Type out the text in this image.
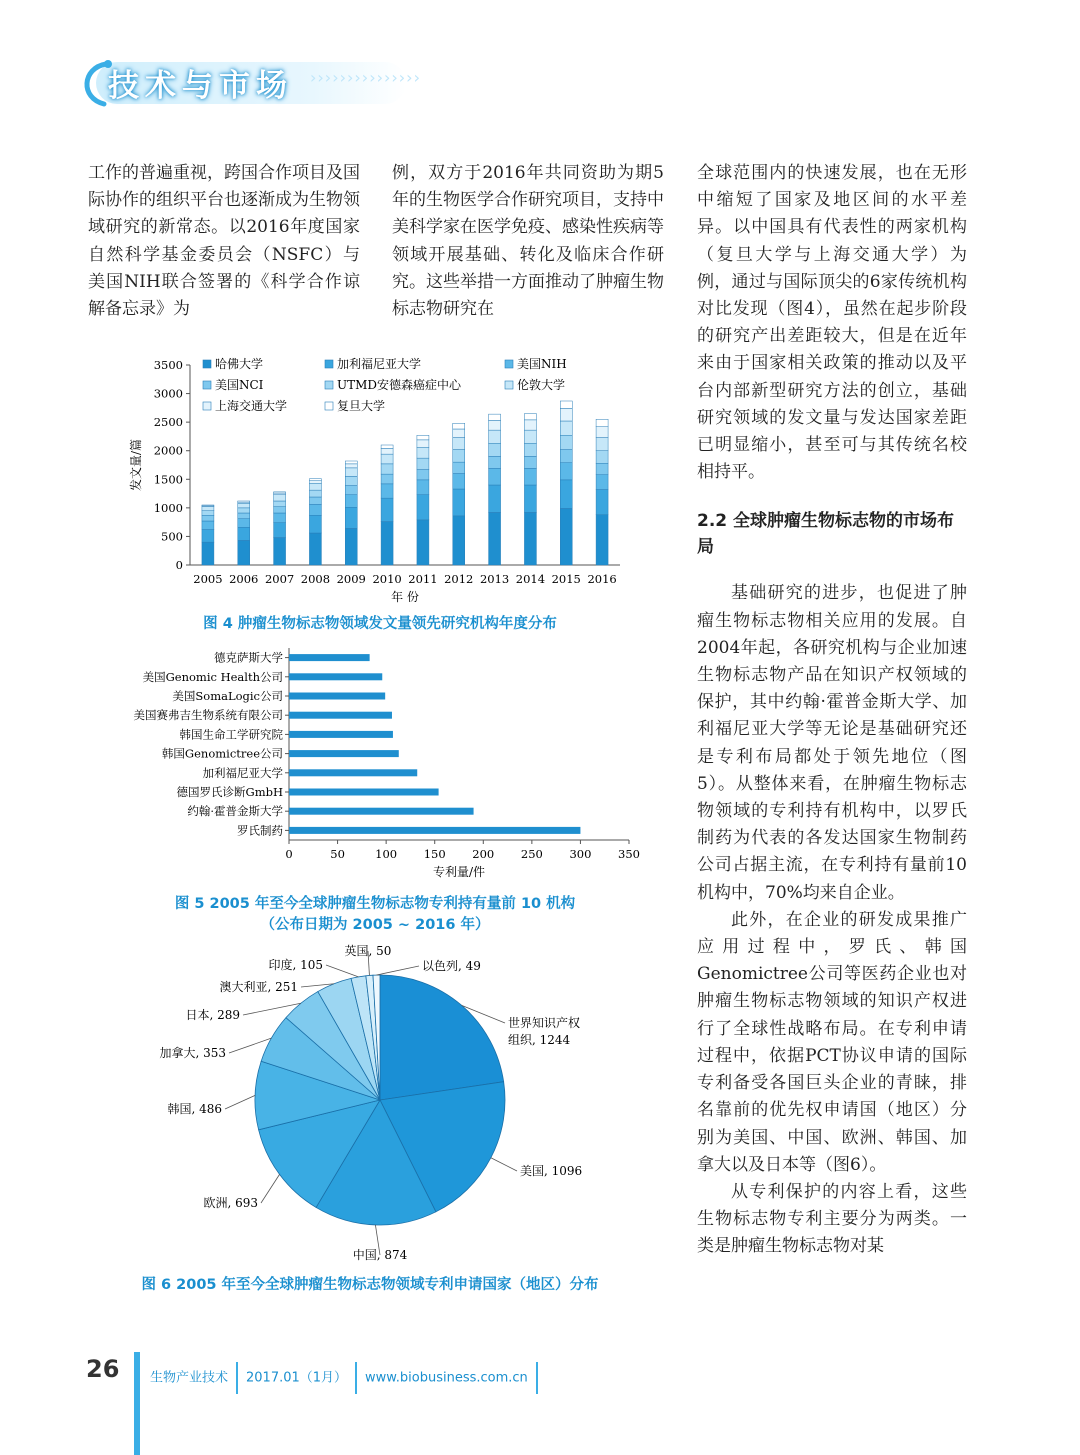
技术与市场 ›››››››››››››››

工作的普遍重视，跨国合作项目及国际协作的组织平台也逐渐成为生物领域研究的新常态。以2016年度国家自然科学基金委员会（NSFC）与美国NIH联合签署的《科学合作谅解备忘录》为

例，双方于2016年共同资助为期5年的生物医学合作研究项目，支持中美科学家在医学免疫、感染性疾病等领域开展基础、转化及临床合作研究。这些举措一方面推动了肿瘤生物标志物研究在

全球范围内的快速发展，也在无形中缩短了国家及地区间的水平差异。以中国具有代表性的两家机构（复旦大学与上海交通大学）为例，通过与国际顶尖的6家传统机构对比发现（图4），虽然在起步阶段的研究产出差距较大，但是在近年来由于国家相关政策的推动以及平台内部新型研究方法的创立，基础研究领域的发文量与发达国家差距已明显缩小，甚至可与其传统名校相持平。

2.2 全球肿瘤生物标志物的市场布局

基础研究的进步，也促进了肿瘤生物标志物相关应用的发展。自2004年起，各研究机构与企业加速生物标志物产品在知识产权领域的保护，其中约翰·霍普金斯大学、加利福尼亚大学等无论是基础研究还是专利布局都处于领先地位（图5）。从整体来看，在肿瘤生物标志物领域的专利持有机构中，以罗氏制药为代表的各发达国家生物制药公司占据主流，在专利持有量前10机构中，70%均来自企业。

此外，在企业的研发成果推广应用过程中，罗氏、韩国Genomictree公司等医药企业也对肿瘤生物标志物领域的知识产权进行了全球性战略布局。在专利申请过程中，依据PCT协议申请的国际专利备受各国巨头企业的青睐，排名靠前的优先权申请国（地区）分别为美国、中国、欧洲、韩国、加拿大以及日本等（图6）。

从专利保护的内容上看，这些生物标志物专利主要分为两类。一类是肿瘤生物标志物对某

0
500
1000
1500
2000
2500
3000
3500
发文量/篇
2005 2006 2007 2008 2009 2010 2011 2012 2013 2014 2015 2016
年 份
哈佛大学	加利福尼亚大学	美国NIH
美国NCI	UTMD安德森癌症中心	伦敦大学
上海交通大学	复旦大学
图 4 肿瘤生物标志物领域发文量领先研究机构年度分布
0	50	100 150 200 250 300 350
专利量/件
德克萨斯大学
美国Genomic Health公司
美国SomaLogic公司
美国赛弗吉生物系统有限公司
韩国生命工学研究院
韩国Genomictree公司
加利福尼亚大学
德国罗氏诊断GmbH
约翰·霍普金斯大学
罗氏制药
图 5 2005 年至今全球肿瘤生物标志物专利持有量前 10 机构
（公布日期为 2005 ~ 2016 年）
世界知识产权组织, 1244
美国, 1096
中国, 874
欧洲, 693
韩国, 486
加拿大, 353
日本, 289
澳大利亚, 251
印度, 105
英国, 50
以色列, 49
图 6 2005 年至今全球肿瘤生物标志物领域专利申请国家（地区）分布
26 生物产业技术 2017.01（1月） www.biobusiness.com.cn
